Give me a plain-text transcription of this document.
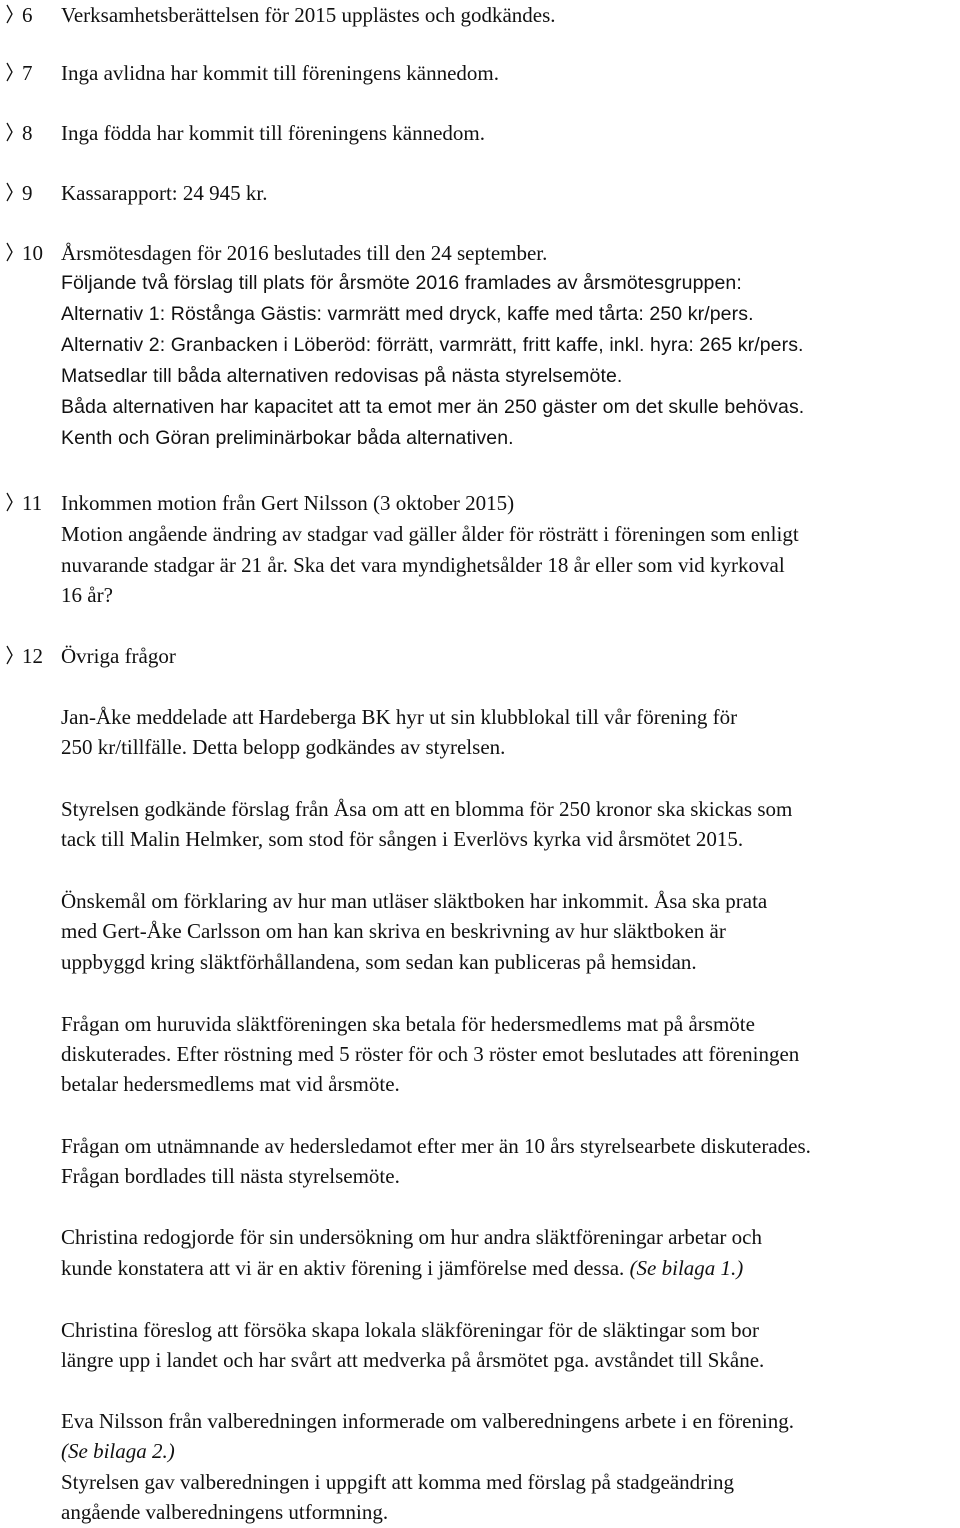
6 Verksamhetsberättelsen för 2015 upplästes och godkändes.
7 Inga avlidna har kommit till föreningens kännedom.
8 Inga födda har kommit till föreningens kännedom.
9 Kassarapport: 24 945 kr.
10 Årsmötesdagen för 2016 beslutades till den 24 september.
Följande två förslag till plats för årsmöte 2016 framlades av årsmötesgruppen:
Alternativ 1: Röstånga Gästis: varmrätt med dryck, kaffe med tårta: 250 kr/pers.
Alternativ 2: Granbacken i Löberöd: förrätt, varmrätt, fritt kaffe, inkl. hyra: 265 kr/pers.
Matsedlar till båda alternativen redovisas på nästa styrelsemöte.
Båda alternativen har kapacitet att ta emot mer än 250 gäster om det skulle behövas.
Kenth och Göran preliminärbokar båda alternativen.
11 Inkommen motion från Gert Nilsson (3 oktober 2015)
Motion angående ändring av stadgar vad gäller ålder för rösträtt i föreningen som enligt
nuvarande stadgar är 21 år. Ska det vara myndighetsålder 18 år eller som vid kyrkoval
16 år?
12 Övriga frågor
Jan-Åke meddelade att Hardeberga BK hyr ut sin klubblokal till vår förening för
250 kr/tillfälle. Detta belopp godkändes av styrelsen.
Styrelsen godkände förslag från Åsa om att en blomma för 250 kronor ska skickas som
tack till Malin Helmker, som stod för sången i Everlövs kyrka vid årsmötet 2015.
Önskemål om förklaring av hur man utläser släktboken har inkommit. Åsa ska prata
med Gert-Åke Carlsson om han kan skriva en beskrivning av hur släktboken är
uppbyggd kring släktförhållandena, som sedan kan publiceras på hemsidan.
Frågan om huruvida släktföreningen ska betala för hedersmedlems mat på årsmöte
diskuterades. Efter röstning med 5 röster för och 3 röster emot beslutades att föreningen
betalar hedersmedlems mat vid årsmöte.
Frågan om utnämnande av hedersledamot efter mer än 10 års styrelsearbete diskuterades.
Frågan bordlades till nästa styrelsemöte.
Christina redogjorde för sin undersökning om hur andra släktföreningar arbetar och
kunde konstatera att vi är en aktiv förening i jämförelse med dessa. (Se bilaga 1.)
Christina föreslog att försöka skapa lokala släkföreningar för de släktingar som bor
längre upp i landet och har svårt att medverka på årsmötet pga. avståndet till Skåne.
Eva Nilsson från valberedningen informerade om valberedningens arbete i en förening.
(Se bilaga 2.)
Styrelsen gav valberedningen i uppgift att komma med förslag på stadgeändring
angående valberedningens utformning.
